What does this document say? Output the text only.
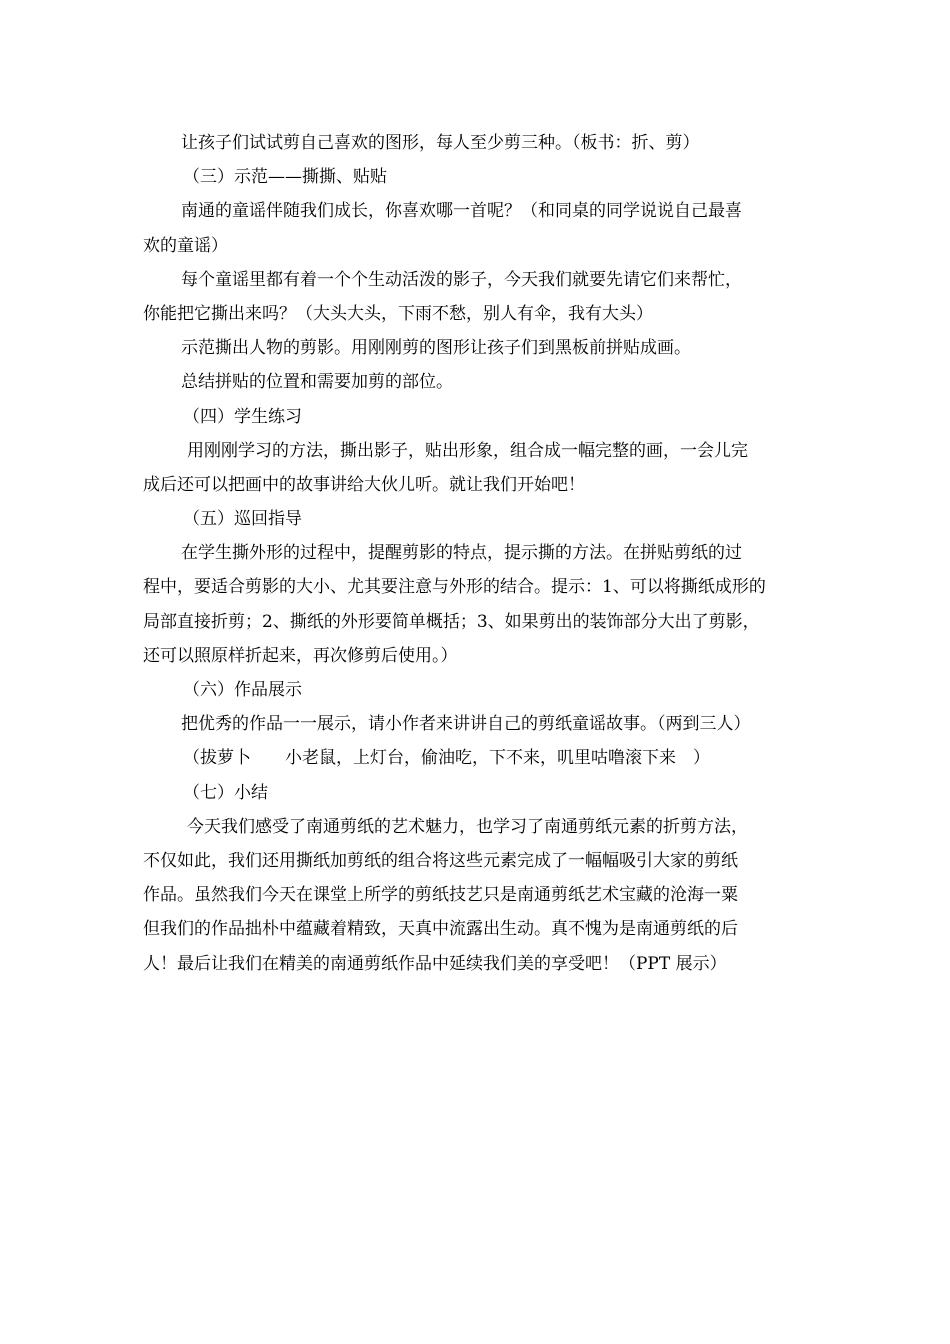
让孩子们试试剪自己喜欢的图形，每人至少剪三种。（板书：折、剪）
（三）示范——撕撕、贴贴
南通的童谣伴随我们成长，你喜欢哪一首呢？（和同桌的同学说说自己最喜
欢的童谣）
每个童谣里都有着一个个生动活泼的影子，今天我们就要先请它们来帮忙，
你能把它撕出来吗？（大头大头，下雨不愁，别人有伞，我有大头）
示范撕出人物的剪影。用刚刚剪的图形让孩子们到黑板前拼贴成画。
总结拼贴的位置和需要加剪的部位。
（四）学生练习
用刚刚学习的方法，撕出影子，贴出形象，组合成一幅完整的画，一会儿完
成后还可以把画中的故事讲给大伙儿听。就让我们开始吧！
（五）巡回指导
在学生撕外形的过程中，提醒剪影的特点，提示撕的方法。在拼贴剪纸的过
程中，要适合剪影的大小、尤其要注意与外形的结合。提示：1、可以将撕纸成形的
局部直接折剪；2、撕纸的外形要简单概括；3、如果剪出的装饰部分大出了剪影，
还可以照原样折起来，再次修剪后使用。）
（六）作品展示
把优秀的作品一一展示，请小作者来讲讲自己的剪纸童谣故事。（两到三人）
（拔萝卜　　小老鼠，上灯台，偷油吃，下不来，叽里咕噜滚下来　）
（七）小结
今天我们感受了南通剪纸的艺术魅力，也学习了南通剪纸元素的折剪方法，
不仅如此，我们还用撕纸加剪纸的组合将这些元素完成了一幅幅吸引大家的剪纸
作品。虽然我们今天在课堂上所学的剪纸技艺只是南通剪纸艺术宝藏的沧海一粟
但我们的作品拙朴中蕴藏着精致，天真中流露出生动。真不愧为是南通剪纸的后
人！最后让我们在精美的南通剪纸作品中延续我们美的享受吧！（PPT 展示）
